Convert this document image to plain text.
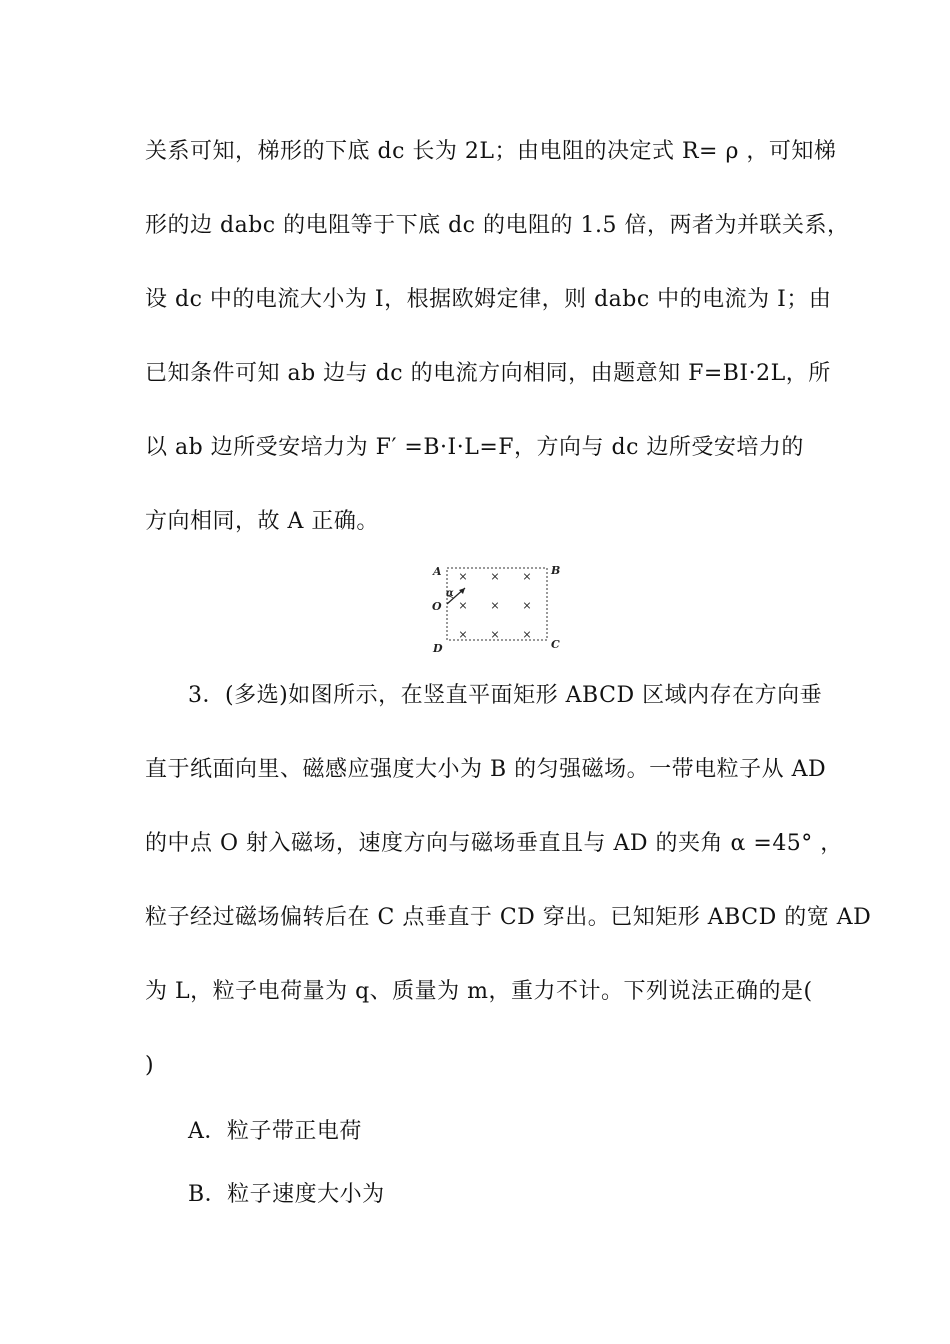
关系可知，梯形的下底 dc 长为 2L；由电阻的决定式 R= ρ ，可知梯
形的边 dabc 的电阻等于下底 dc 的电阻的 1.5 倍，两者为并联关系，
设 dc 中的电流大小为 I，根据欧姆定律，则 dabc 中的电流为 I；由
已知条件可知 ab 边与 dc 的电流方向相同，由题意知 F=BI·2L，所
以 ab 边所受安培力为 F′ =B·I·L=F，方向与 dc 边所受安培力的
方向相同，故 A 正确。
× × ×
× × ×
× × ×
A	B
O
D	C
α
3．(多选)如图所示，在竖直平面矩形 ABCD 区域内存在方向垂
直于纸面向里、磁感应强度大小为 B 的匀强磁场。一带电粒子从 AD
的中点 O 射入磁场，速度方向与磁场垂直且与 AD 的夹角 α =45° ，
粒子经过磁场偏转后在 C 点垂直于 CD 穿出。已知矩形 ABCD 的宽 AD
为 L，粒子电荷量为 q、质量为 m，重力不计。下列说法正确的是(
)
A．粒子带正电荷
B．粒子速度大小为
